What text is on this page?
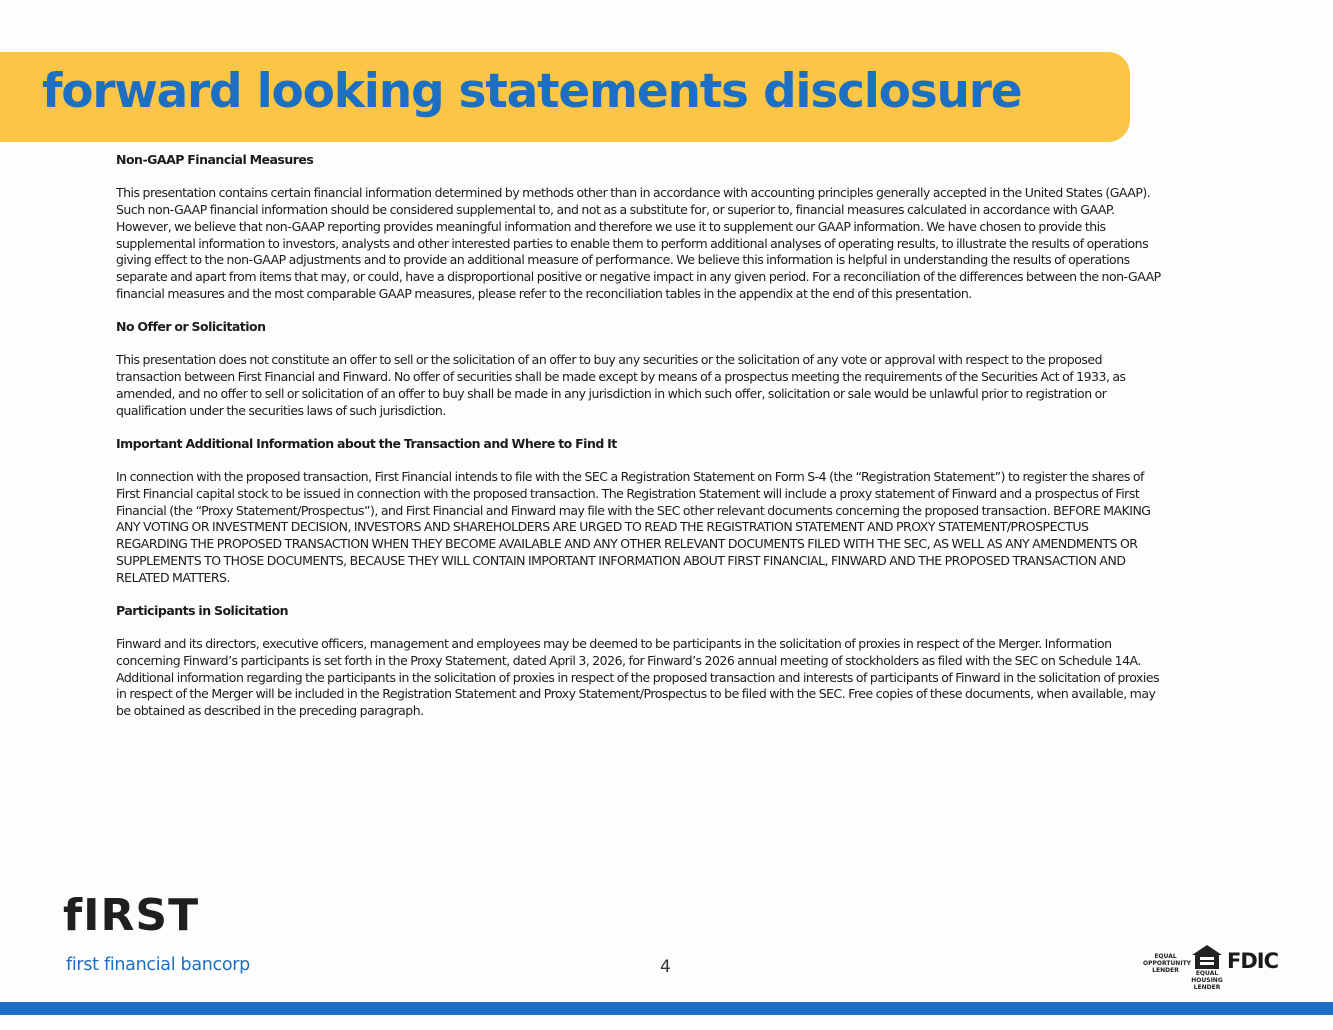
forward looking statements disclosure

Non-GAAP Financial Measures

This presentation contains certain financial information determined by methods other than in accordance with accounting principles generally accepted in the United States (GAAP). Such non-GAAP financial information should be considered supplemental to, and not as a substitute for, or superior to, financial measures calculated in accordance with GAAP. However, we believe that non-GAAP reporting provides meaningful information and therefore we use it to supplement our GAAP information. We have chosen to provide this supplemental information to investors, analysts and other interested parties to enable them to perform additional analyses of operating results, to illustrate the results of operations giving effect to the non-GAAP adjustments and to provide an additional measure of performance. We believe this information is helpful in understanding the results of operations separate and apart from items that may, or could, have a disproportional positive or negative impact in any given period. For a reconciliation of the differences between the non-GAAP financial measures and the most comparable GAAP measures, please refer to the reconciliation tables in the appendix at the end of this presentation.

No Offer or Solicitation

This presentation does not constitute an offer to sell or the solicitation of an offer to buy any securities or the solicitation of any vote or approval with respect to the proposed transaction between First Financial and Finward. No offer of securities shall be made except by means of a prospectus meeting the requirements of the Securities Act of 1933, as amended, and no offer to sell or solicitation of an offer to buy shall be made in any jurisdiction in which such offer, solicitation or sale would be unlawful prior to registration or qualification under the securities laws of such jurisdiction.

Important Additional Information about the Transaction and Where to Find It

In connection with the proposed transaction, First Financial intends to file with the SEC a Registration Statement on Form S-4 (the “Registration Statement”) to register the shares of First Financial capital stock to be issued in connection with the proposed transaction. The Registration Statement will include a proxy statement of Finward and a prospectus of First Financial (the “Proxy Statement/Prospectus”), and First Financial and Finward may file with the SEC other relevant documents concerning the proposed transaction. BEFORE MAKING ANY VOTING OR INVESTMENT DECISION, INVESTORS AND SHAREHOLDERS ARE URGED TO READ THE REGISTRATION STATEMENT AND PROXY STATEMENT/PROSPECTUS REGARDING THE PROPOSED TRANSACTION WHEN THEY BECOME AVAILABLE AND ANY OTHER RELEVANT DOCUMENTS FILED WITH THE SEC, AS WELL AS ANY AMENDMENTS OR SUPPLEMENTS TO THOSE DOCUMENTS, BECAUSE THEY WILL CONTAIN IMPORTANT INFORMATION ABOUT FIRST FINANCIAL, FINWARD AND THE PROPOSED TRANSACTION AND RELATED MATTERS.

Participants in Solicitation

Finward and its directors, executive officers, management and employees may be deemed to be participants in the solicitation of proxies in respect of the Merger. Information concerning Finward’s participants is set forth in the Proxy Statement, dated April 3, 2026, for Finward’s 2026 annual meeting of stockholders as filed with the SEC on Schedule 14A. Additional information regarding the participants in the solicitation of proxies in respect of the proposed transaction and interests of participants of Finward in the solicitation of proxies in respect of the Merger will be included in the Registration Statement and Proxy Statement/Prospectus to be filed with the SEC. Free copies of these documents, when available, may be obtained as described in the preceding paragraph.

fIRST
first financial bancorp	4
EQUAL OPPORTUNITY LENDER	EQUAL HOUSING LENDER
FDIC
